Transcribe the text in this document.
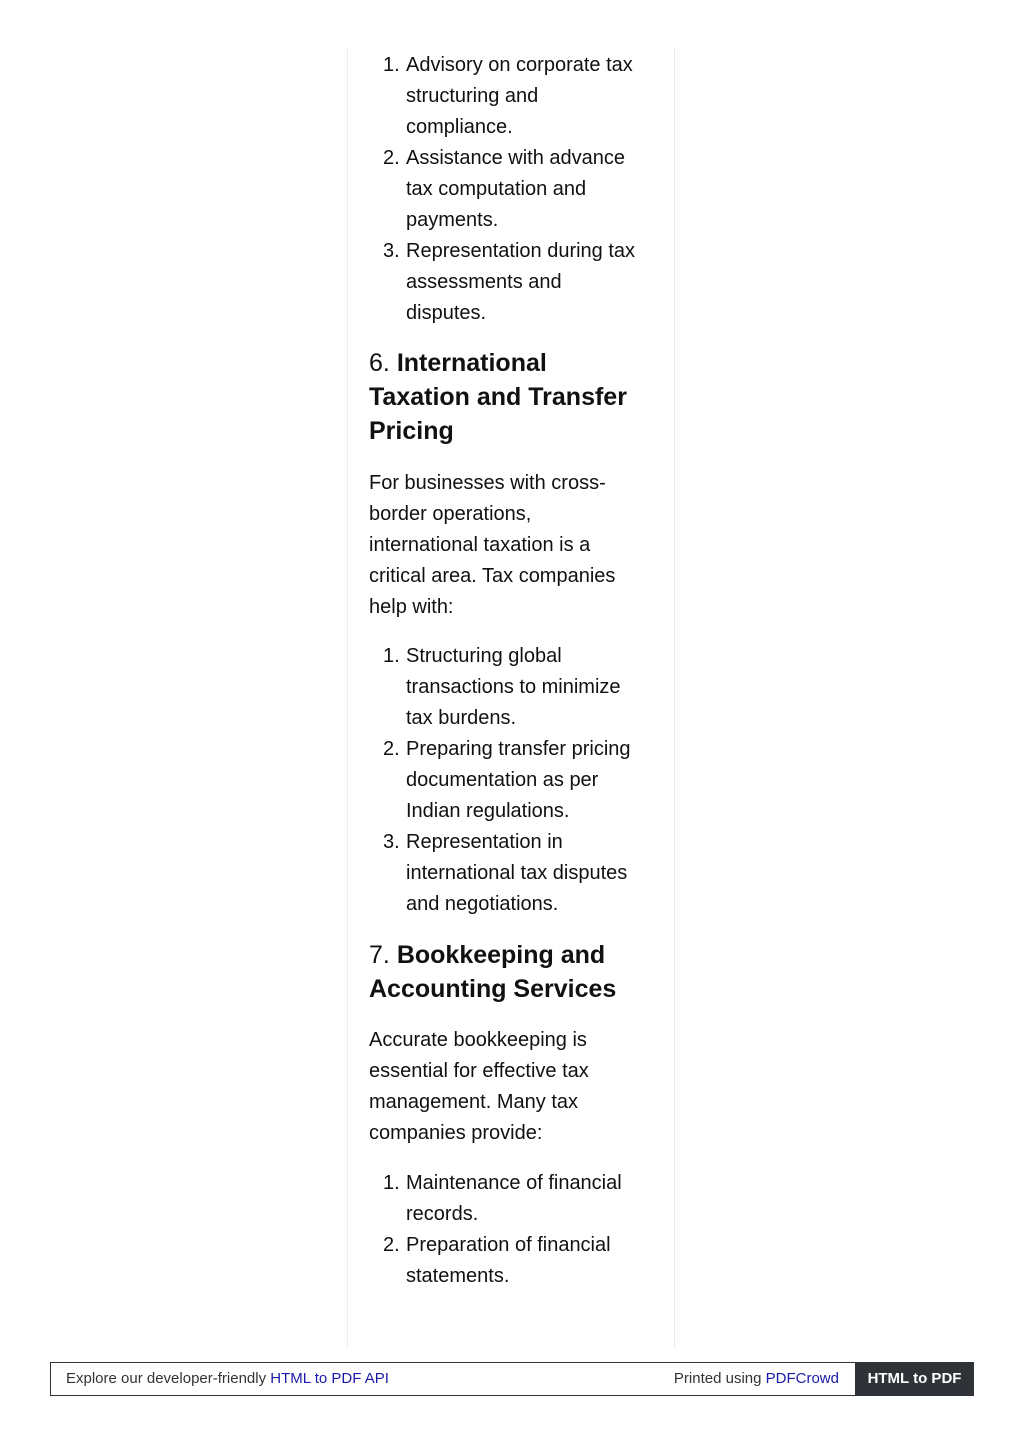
1. Advisory on corporate tax
structuring and
compliance.
2. Assistance with advance
tax computation and
payments.
3. Representation during tax
assessments and
disputes.
6. International
Taxation and Transfer
Pricing

For businesses with cross-
border operations,
international taxation is a
critical area. Tax companies
help with:

1. Structuring global
transactions to minimize
tax burdens.
2. Preparing transfer pricing
documentation as per
Indian regulations.
3. Representation in
international tax disputes
and negotiations.
7. Bookkeeping and
Accounting Services

Accurate bookkeeping is
essential for effective tax
management. Many tax
companies provide:

1. Maintenance of financial
records.
2. Preparation of financial
statements.
Explore our developer-friendly HTML to PDF API	Printed using PDFCrowd	HTML to PDF
